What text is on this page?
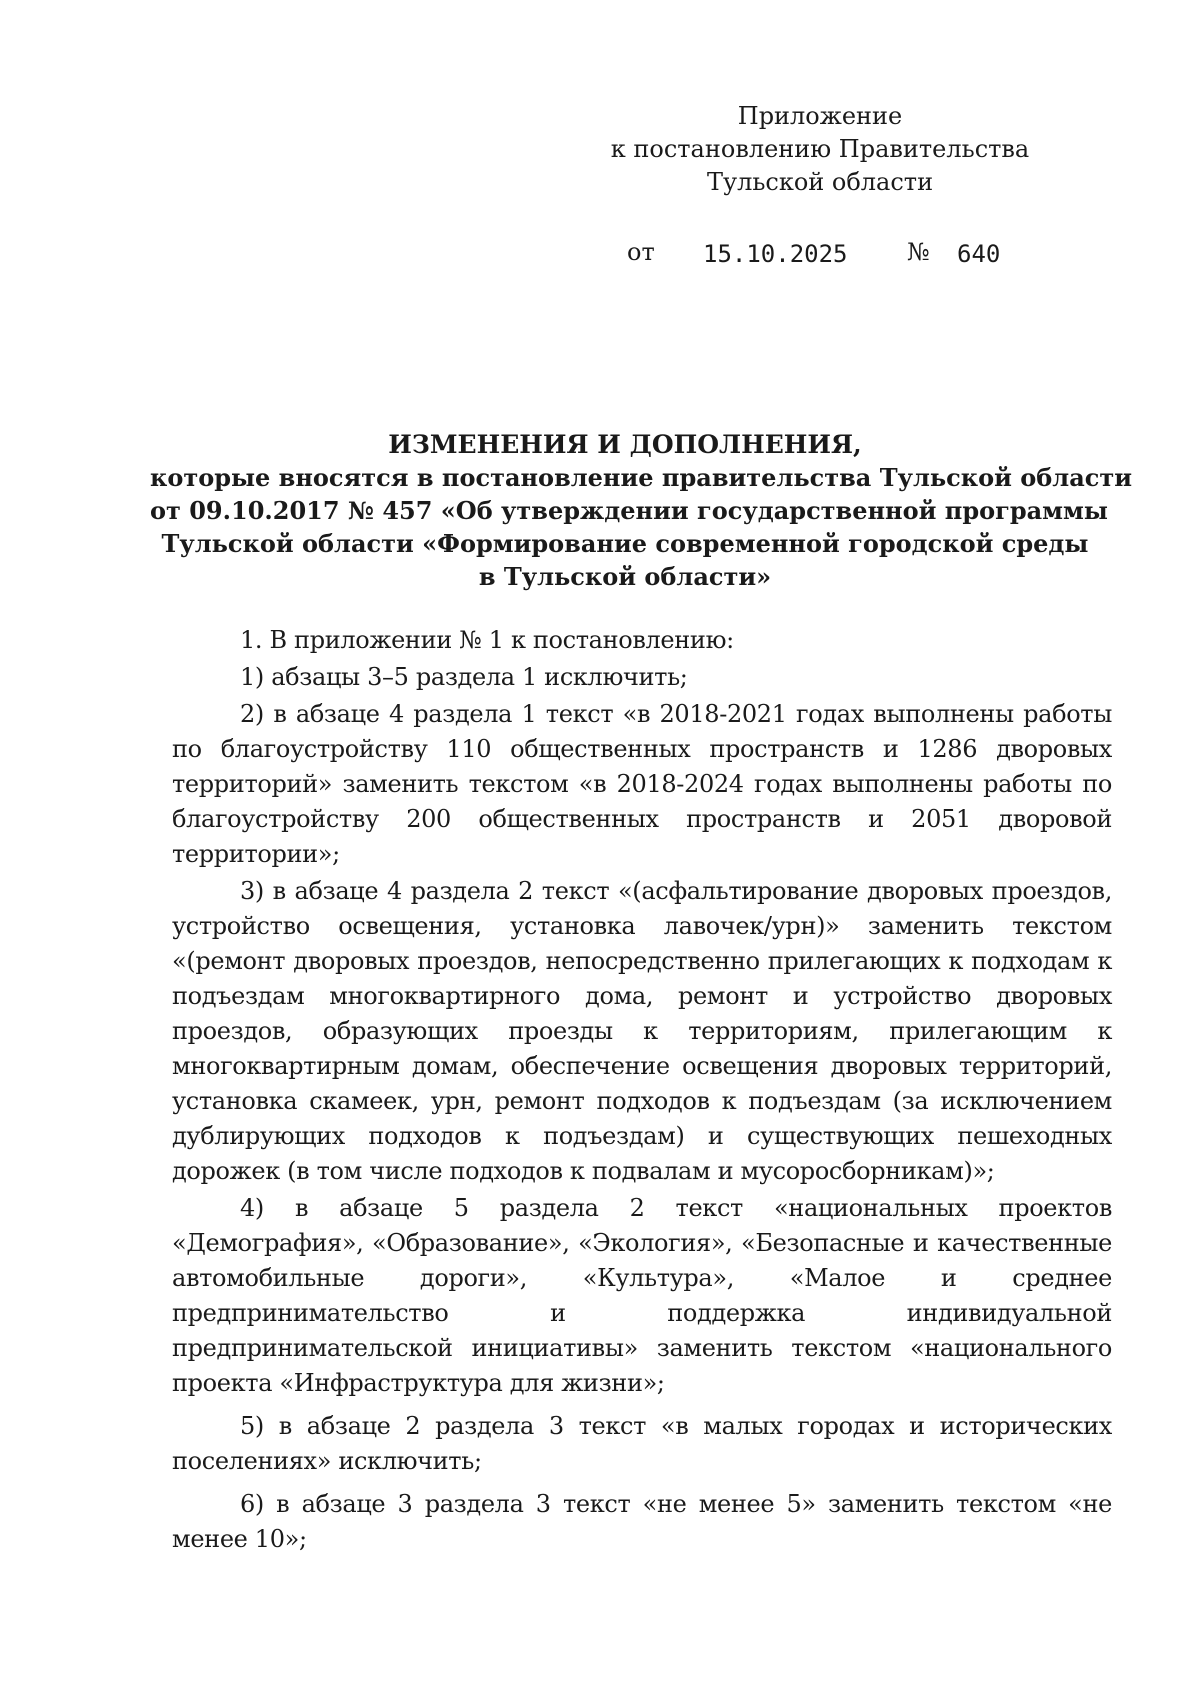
Приложение
к постановлению Правительства
Тульской области
от 15.10.2025 № 640
ИЗМЕНЕНИЯ И ДОПОЛНЕНИЯ,
которые вносятся в постановление правительства Тульской области
от 09.10.2017 № 457 «Об утверждении государственной программы
Тульской области «Формирование современной городской среды
в Тульской области»

1. В приложении № 1 к постановлению:

1) абзацы 3–5 раздела 1 исключить;

2) в абзаце 4 раздела 1 текст «в 2018-2021 годах выполнены работы по благоустройству 110 общественных пространств и 1286 дворовых территорий» заменить текстом «в 2018-2024 годах выполнены работы по благоустройству 200 общественных пространств и 2051 дворовой территории»;

3) в абзаце 4 раздела 2 текст «(асфальтирование дворовых проездов, устройство освещения, установка лавочек/урн)» заменить текстом «(ремонт дворовых проездов, непосредственно прилегающих к подходам к подъездам многоквартирного дома, ремонт и устройство дворовых проездов, образующих проезды к территориям, прилегающим к многоквартирным домам, обеспечение освещения дворовых территорий, установка скамеек, урн, ремонт подходов к подъездам (за исключением дублирующих подходов к подъездам) и существующих пешеходных дорожек (в том числе подходов к подвалам и мусоросборникам)»;

4) в абзаце 5 раздела 2 текст «национальных проектов «Демография», «Образование», «Экология», «Безопасные и качественные автомобильные дороги», «Культура», «Малое и среднее предпринимательство и поддержка индивидуальной предпринимательской инициативы» заменить текстом «национального проекта «Инфраструктура для жизни»;

5) в абзаце 2 раздела 3 текст «в малых городах и исторических поселениях» исключить;

6) в абзаце 3 раздела 3 текст «не менее 5» заменить текстом «не менее 10»;
